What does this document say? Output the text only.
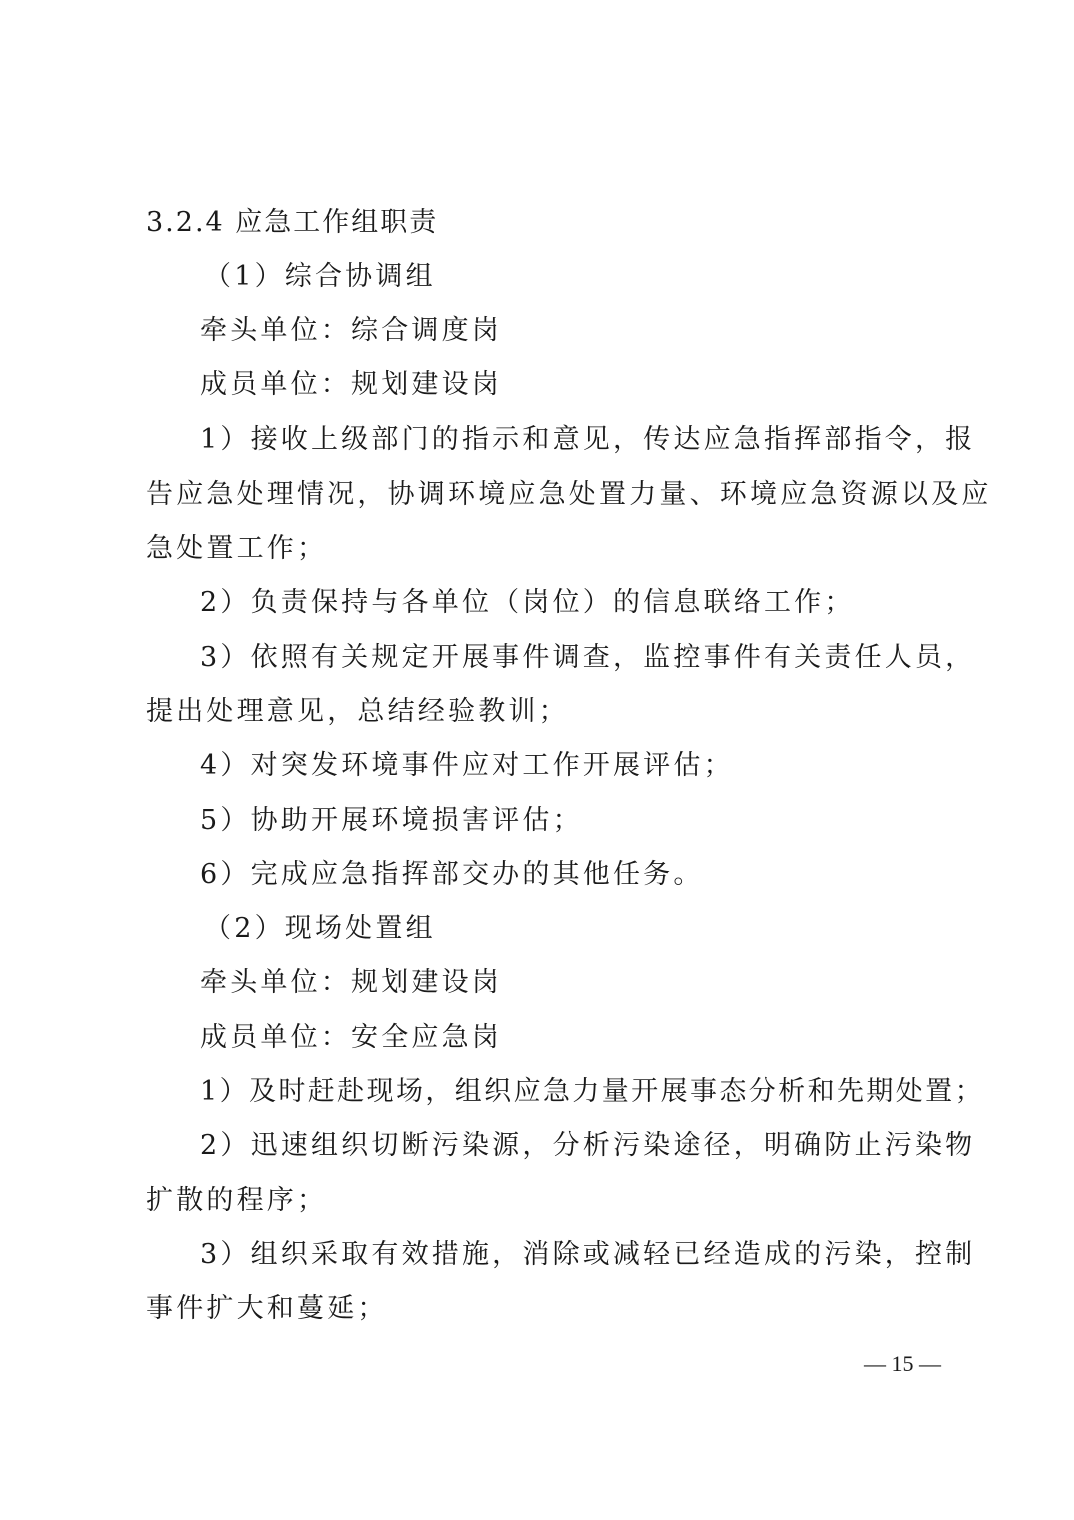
3.2.4 应急工作组职责
（1）综合协调组
牵头单位：综合调度岗
成员单位：规划建设岗
1）接收上级部门的指示和意见，传达应急指挥部指令，报
告应急处理情况，协调环境应急处置力量、环境应急资源以及应
急处置工作；
2）负责保持与各单位（岗位）的信息联络工作；
3）依照有关规定开展事件调查，监控事件有关责任人员，
提出处理意见，总结经验教训；
4）对突发环境事件应对工作开展评估；
5）协助开展环境损害评估；
6）完成应急指挥部交办的其他任务。
（2）现场处置组
牵头单位：规划建设岗
成员单位：安全应急岗
1）及时赶赴现场，组织应急力量开展事态分析和先期处置；
2）迅速组织切断污染源，分析污染途径，明确防止污染物
扩散的程序；
3）组织采取有效措施，消除或减轻已经造成的污染，控制
事件扩大和蔓延；
— 15 —
